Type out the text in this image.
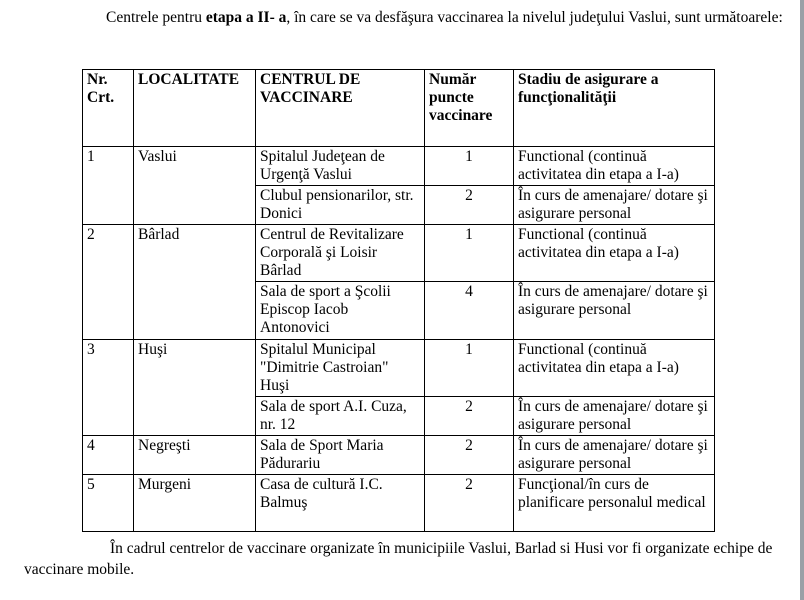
Centrele pentru etapa a II- a, în care se va desfăşura vaccinarea la nivelul judeţului Vaslui, sunt următoarele:

Nr. Crt.	LOCALITATE	CENTRUL DE VACCINARE	Număr puncte vaccinare	Stadiu de asigurare a funcţionalităţii
1	Vaslui	Spitalul Judeţean de Urgenţă Vaslui	1	Functional (continuă activitatea din etapa a I-a)
		Clubul pensionarilor, str. Donici	2	În curs de amenajare/ dotare şi asigurare personal
2	Bârlad	Centrul de Revitalizare Corporală şi Loisir Bârlad	1	Functional (continuă activitatea din etapa a I-a)
		Sala de sport a Şcolii Episcop Iacob Antonovici	4	În curs de amenajare/ dotare şi asigurare personal
3	Huşi	Spitalul Municipal "Dimitrie Castroian" Huşi	1	Functional (continuă activitatea din etapa a I-a)
		Sala de sport A.I. Cuza, nr. 12	2	În curs de amenajare/ dotare şi asigurare personal
4	Negreşti	Sala de Sport Maria Pădurariu	2	În curs de amenajare/ dotare şi asigurare personal
5	Murgeni	Casa de cultură I.C. Balmuş	2	Funcţional/în curs de planificare personalul medical

În cadrul centrelor de vaccinare organizate în municipiile Vaslui, Barlad si Husi vor fi organizate echipe de vaccinare mobile.
